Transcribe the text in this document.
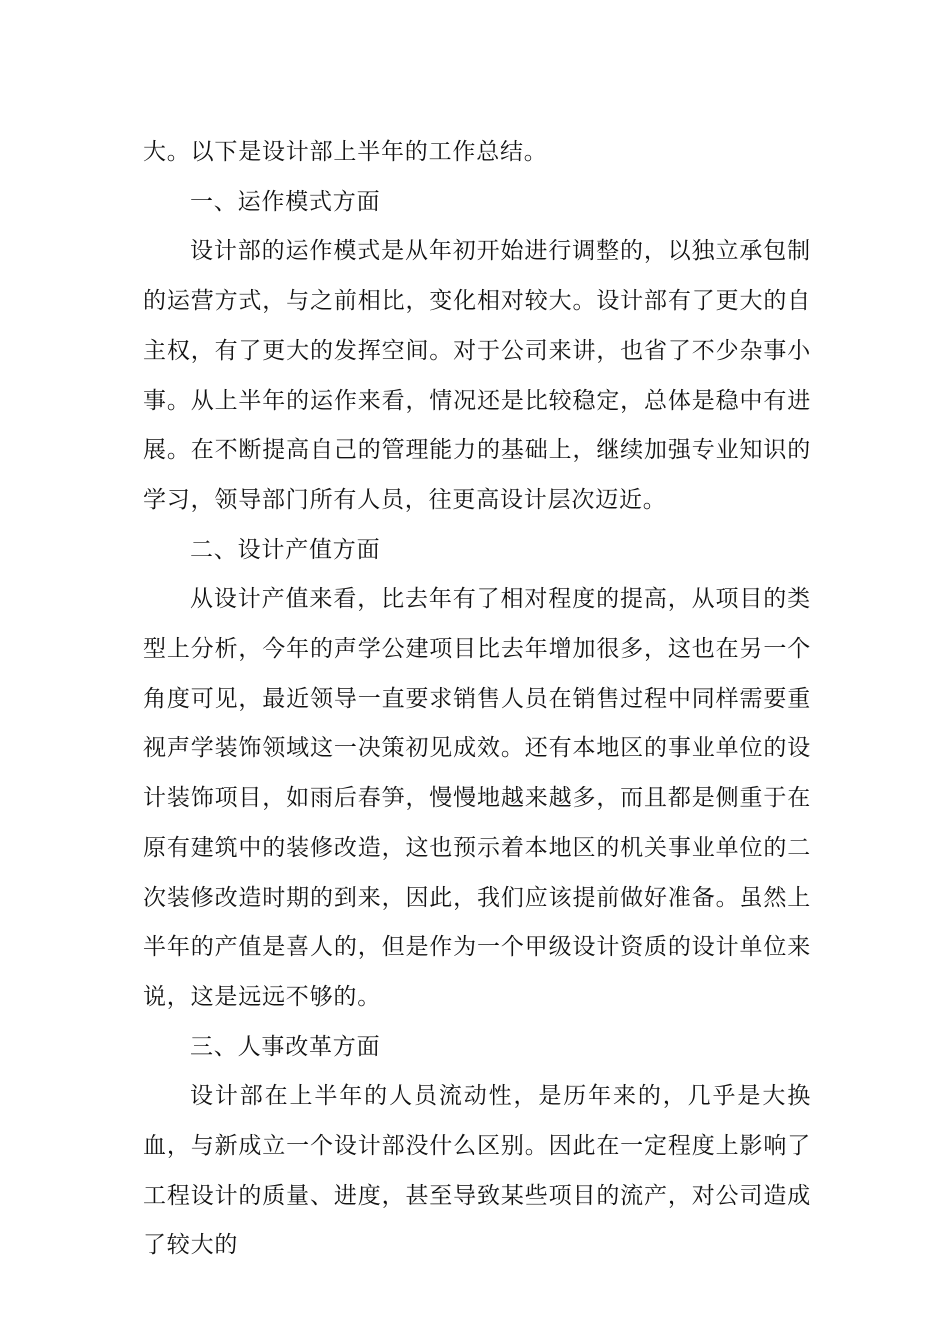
大。以下是设计部上半年的工作总结。

一、运作模式方面

设计部的运作模式是从年初开始进行调整的，以独立承包制的运营方式，与之前相比，变化相对较大。设计部有了更大的自主权，有了更大的发挥空间。对于公司来讲，也省了不少杂事小事。从上半年的运作来看，情况还是比较稳定，总体是稳中有进展。在不断提高自己的管理能力的基础上，继续加强专业知识的学习，领导部门所有人员，往更高设计层次迈近。

二、设计产值方面

从设计产值来看，比去年有了相对程度的提高，从项目的类型上分析，今年的声学公建项目比去年增加很多，这也在另一个角度可见，最近领导一直要求销售人员在销售过程中同样需要重视声学装饰领域这一决策初见成效。还有本地区的事业单位的设计装饰项目，如雨后春笋，慢慢地越来越多，而且都是侧重于在原有建筑中的装修改造，这也预示着本地区的机关事业单位的二次装修改造时期的到来，因此，我们应该提前做好准备。虽然上半年的产值是喜人的，但是作为一个甲级设计资质的设计单位来说，这是远远不够的。

三、人事改革方面

设计部在上半年的人员流动性，是历年来的，几乎是大换血，与新成立一个设计部没什么区别。因此在一定程度上影响了工程设计的质量、进度，甚至导致某些项目的流产，对公司造成了较大的
